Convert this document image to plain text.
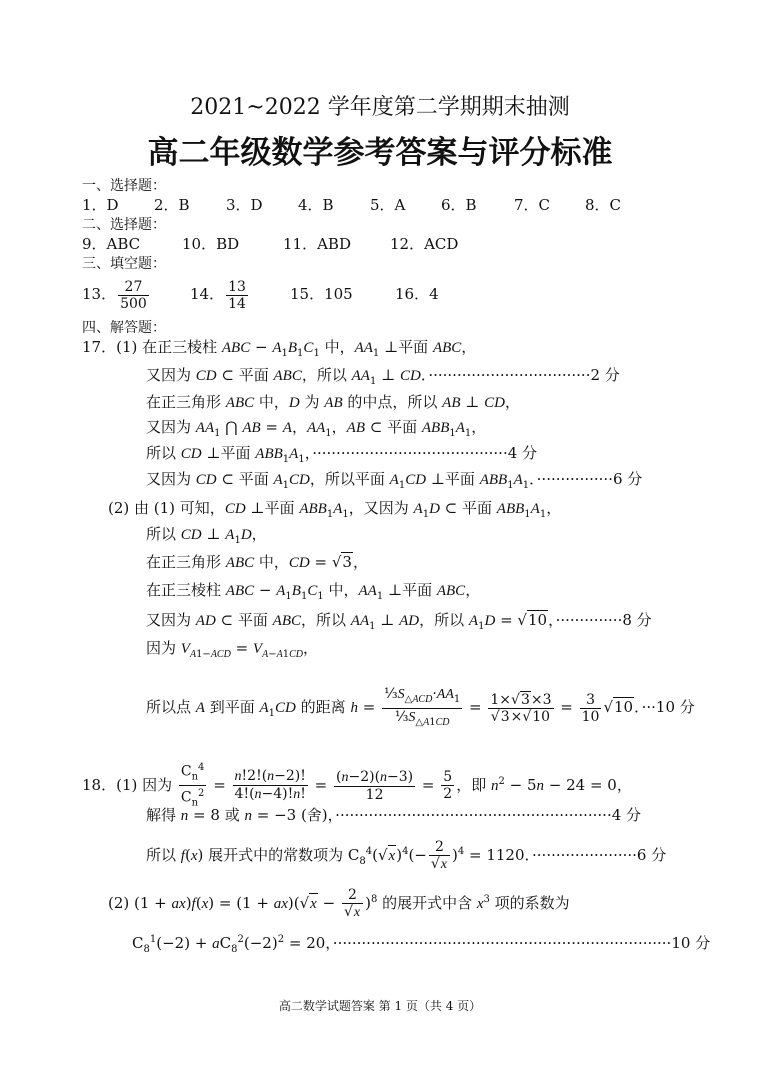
2021~2022 学年度第二学期期末抽测
高二年级数学参考答案与评分标准
一、选择题：
1．D 2．B 3．D 4．B 5．A 6．B 7．C 8．C
二、选择题：
9．ABC	10．BD	11．ABD	12．ACD
三、填空题：
13． $\frac{27}{500}$	14． $\frac{13}{14}$	15．105	16．4
四、解答题：
17．(1) 在正三棱柱 ABC − $A_1B_1C_1$ 中，$AA_1$ ⊥平面 ABC，
又因为 CD ⊂ 平面 ABC，所以 $AA_1$ ⊥ CD．··································2 分
在正三角形 ABC 中，D 为 AB 的中点，所以 AB ⊥ CD，
又因为 $AA_1$ ⋂ AB = A，$AA_1$，AB ⊂ 平面 $ABB_1A_1$，
所以 CD ⊥平面 $ABB_1A_1$，·········································4 分
又因为 CD ⊂ 平面 $A_1CD$，所以平面 $A_1CD$ ⊥平面 $ABB_1A_1$．················6 分
(2) 由 (1) 可知，CD ⊥平面 $ABB_1A_1$，又因为 $A_1D$ ⊂ 平面 $ABB_1A_1$，
所以 CD ⊥ $A_1D$，
在正三角形 ABC 中，CD = √3，
在正三棱柱 ABC − $A_1B_1C_1$ 中，$AA_1$ ⊥平面 ABC，
又因为 AD ⊂ 平面 ABC，所以 $AA_1$ ⊥ AD，所以 $A_1D = √10$，··············8 分
因为 $V_{A1-ACD} = V_{A-A1CD}$，
所以点 A 到平面 $A_1CD$ 的距离 $h = \frac{\frac{1}{3}S_{\triangle ACD}\cdot AA_1}{\frac{1}{3}S_{\triangle A1CD}} = \frac{1\times√3\times 3}{√3\times√10} = \frac{3}{10} √10$．···10 分
18．(1) 因为 $\frac{C_n^4}{C_n^2} = \frac{n!2!(n-2)!}{4!(n-4)!n!} = \frac{(n-2)(n-3)}{12} = \frac{5}{2}$ ，即 $n^2 - 5n - 24 = 0$，
解得 n = 8 或 n = −3 (舍)，··························································4 分
所以 f(x) 展开式中的常数项为 $C_8^4(√x)^4(- \frac{2}{√x} )^4 = 1120$．······················6 分
(2) $(1 + ax)f(x) = (1 + ax)(√x - \frac{2}{√x} )^8$ 的展开式中含 $x^3$ 项的系数为
$C_8^1(-2) + aC_8^2(-2)^2 = 20$，·······································································10 分
高二数学试题答案 第 1 页（共 4 页）
